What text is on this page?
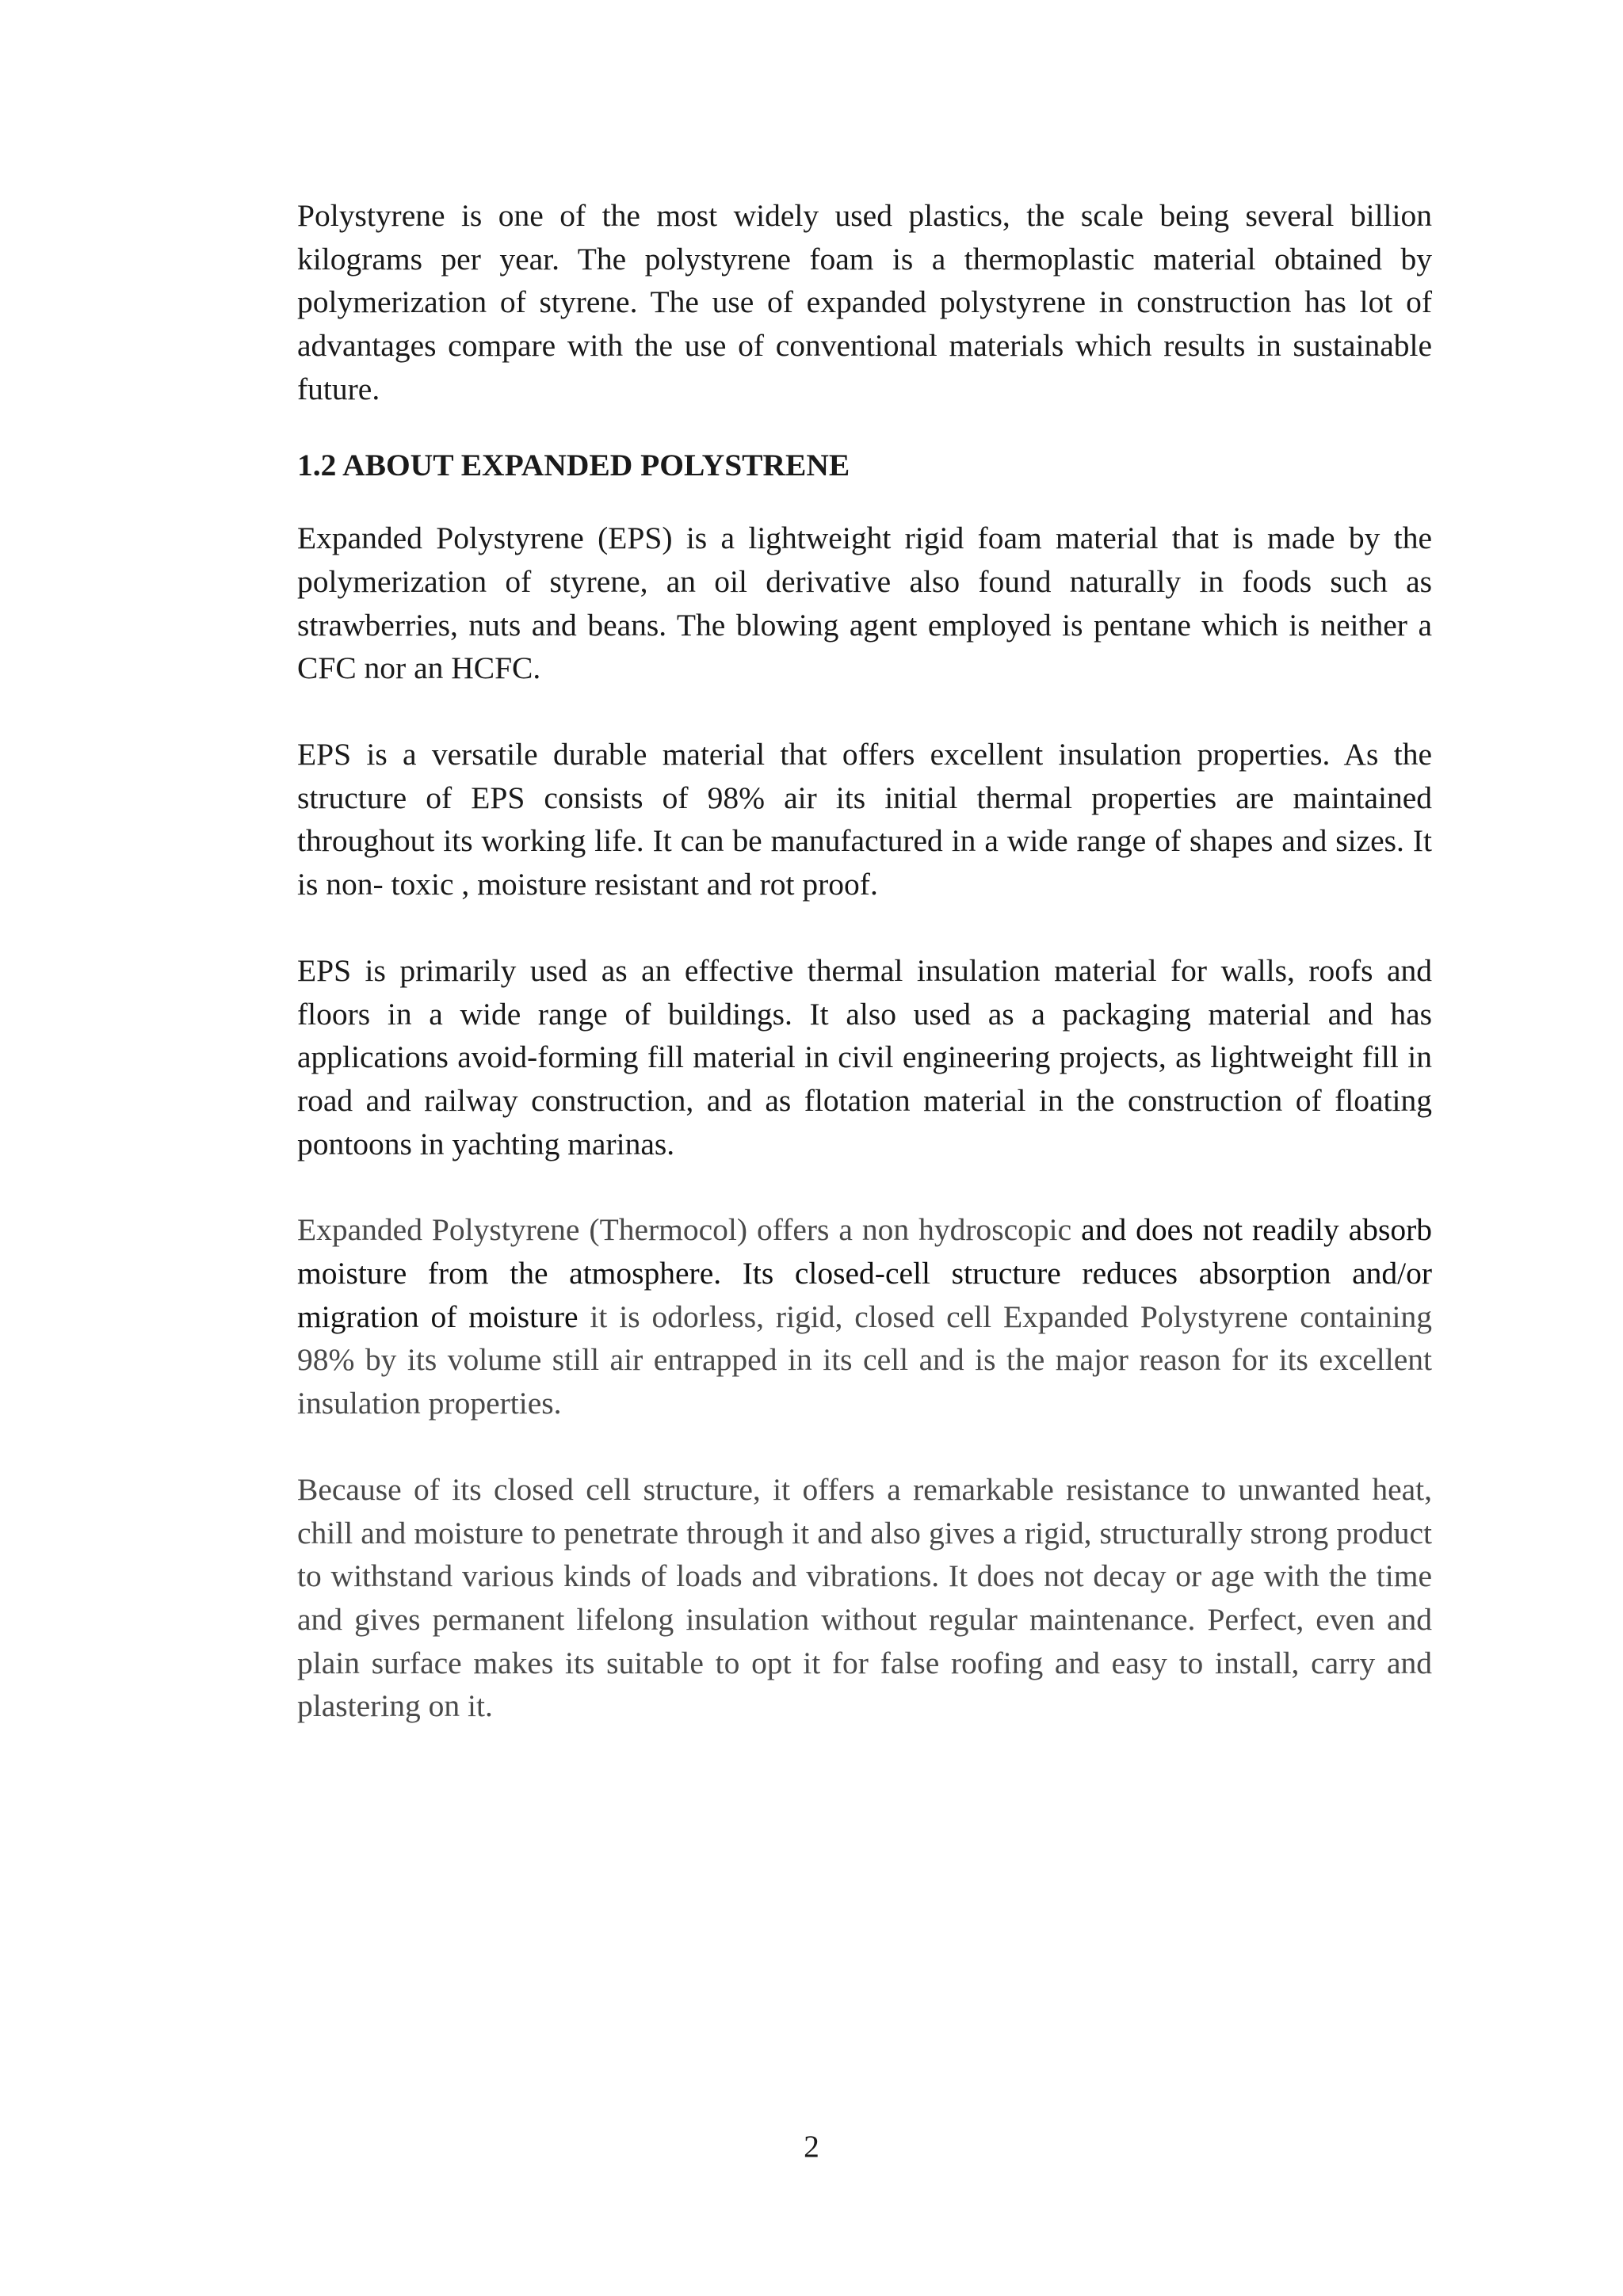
Polystyrene is one of the most widely used plastics, the scale being several billion kilograms per year. The polystyrene foam is a thermoplastic material obtained by polymerization of styrene. The use of expanded polystyrene in construction has lot of advantages compare with the use of conventional materials which results in sustainable future.

1.2 ABOUT EXPANDED POLYSTRENE

Expanded Polystyrene (EPS) is a lightweight rigid foam material that is made by the polymerization of styrene, an oil derivative also found naturally in foods such as strawberries, nuts and beans. The blowing agent employed is pentane which is neither a CFC nor an HCFC.

EPS is a versatile durable material that offers excellent insulation properties. As the structure of EPS consists of 98% air its initial thermal properties are maintained throughout its working life. It can be manufactured in a wide range of shapes and sizes. It is non- toxic , moisture resistant and rot proof.

EPS is primarily used as an effective thermal insulation material for walls, roofs and floors in a wide range of buildings. It also used as a packaging material and has applications avoid-forming fill material in civil engineering projects, as lightweight fill in road and railway construction, and as flotation material in the construction of floating pontoons in yachting marinas.

Expanded Polystyrene (Thermocol) offers a non hydroscopic and does not readily absorb moisture from the atmosphere. Its closed-cell structure reduces absorption and/or migration of moisture it is odorless, rigid, closed cell Expanded Polystyrene containing 98% by its volume still air entrapped in its cell and is the major reason for its excellent insulation properties.

Because of its closed cell structure, it offers a remarkable resistance to unwanted heat, chill and moisture to penetrate through it and also gives a rigid, structurally strong product to withstand various kinds of loads and vibrations. It does not decay or age with the time and gives permanent lifelong insulation without regular maintenance. Perfect, even and plain surface makes its suitable to opt it for false roofing and easy to install, carry and plastering on it.

2
